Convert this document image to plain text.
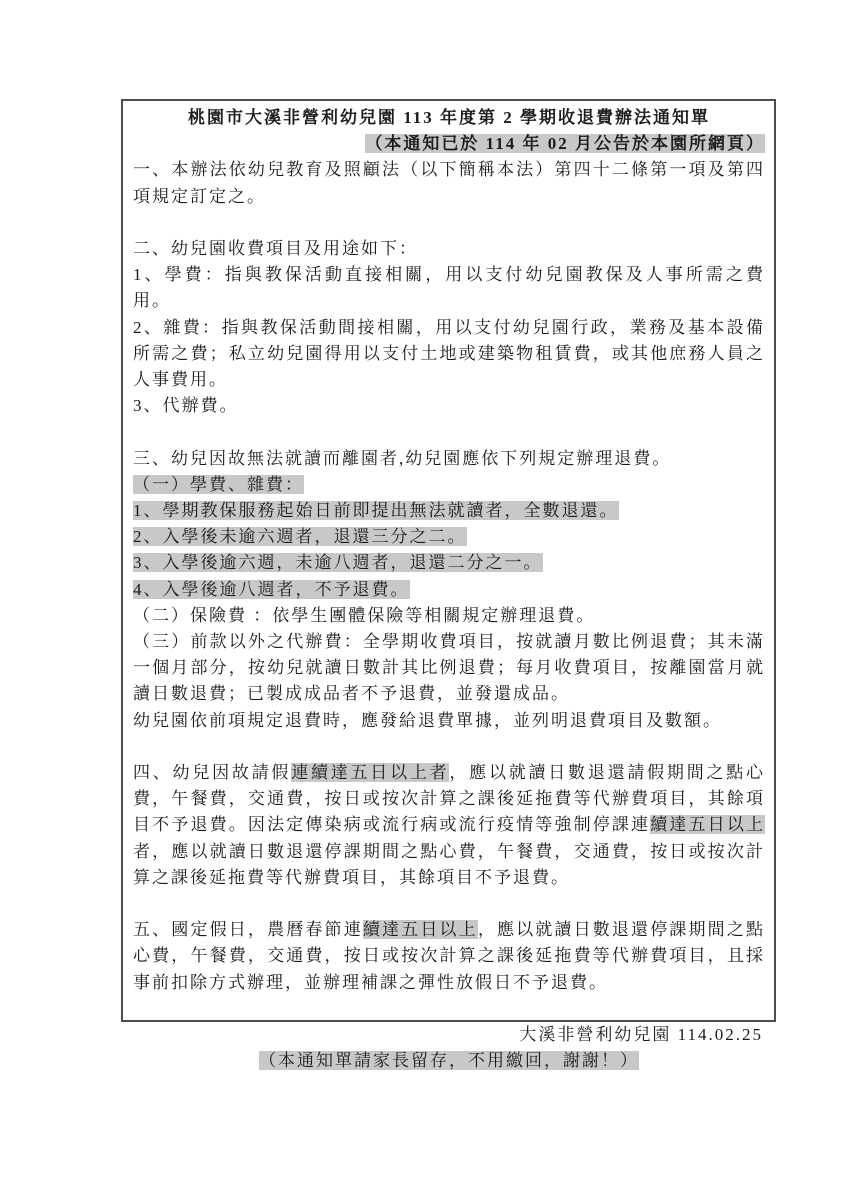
桃園市大溪非營利幼兒園 113 年度第 2 學期收退費辦法通知單
（本通知已於 114 年 02 月公告於本園所網頁）

一、本辦法依幼兒教育及照顧法（以下簡稱本法）第四十二條第一項及第四項規定訂定之。

二、幼兒園收費項目及用途如下：

1、學費：指與教保活動直接相關，用以支付幼兒園教保及人事所需之費用。

2、雜費：指與教保活動間接相關，用以支付幼兒園行政，業務及基本設備所需之費；私立幼兒園得用以支付土地或建築物租賃費，或其他庶務人員之人事費用。

3、代辦費。

三、幼兒因故無法就讀而離園者,幼兒園應依下列規定辦理退費。

（一）學費、雜費：

1、學期教保服務起始日前即提出無法就讀者，全數退還。

2、入學後未逾六週者，退還三分之二。

3、入學後逾六週，未逾八週者，退還二分之一。

4、入學後逾八週者，不予退費。

（二）保險費 ：依學生團體保險等相關規定辦理退費。

（三）前款以外之代辦費：全學期收費項目，按就讀月數比例退費；其未滿一個月部分，按幼兒就讀日數計其比例退費；每月收費項目，按離園當月就讀日數退費；已製成成品者不予退費，並發還成品。

幼兒園依前項規定退費時，應發給退費單據，並列明退費項目及數額。

四、幼兒因故請假連續達五日以上者，應以就讀日數退還請假期間之點心費，午餐費，交通費，按日或按次計算之課後延拖費等代辦費項目，其餘項目不予退費。因法定傳染病或流行病或流行疫情等強制停課連續達五日以上者，應以就讀日數退還停課期間之點心費，午餐費，交通費，按日或按次計算之課後延拖費等代辦費項目，其餘項目不予退費。

五、國定假日，農曆春節連續達五日以上，應以就讀日數退還停課期間之點心費，午餐費，交通費，按日或按次計算之課後延拖費等代辦費項目，且採事前扣除方式辦理，並辦理補課之彈性放假日不予退費。

大溪非營利幼兒園 114.02.25
（本通知單請家長留存，不用繳回，謝謝！）
